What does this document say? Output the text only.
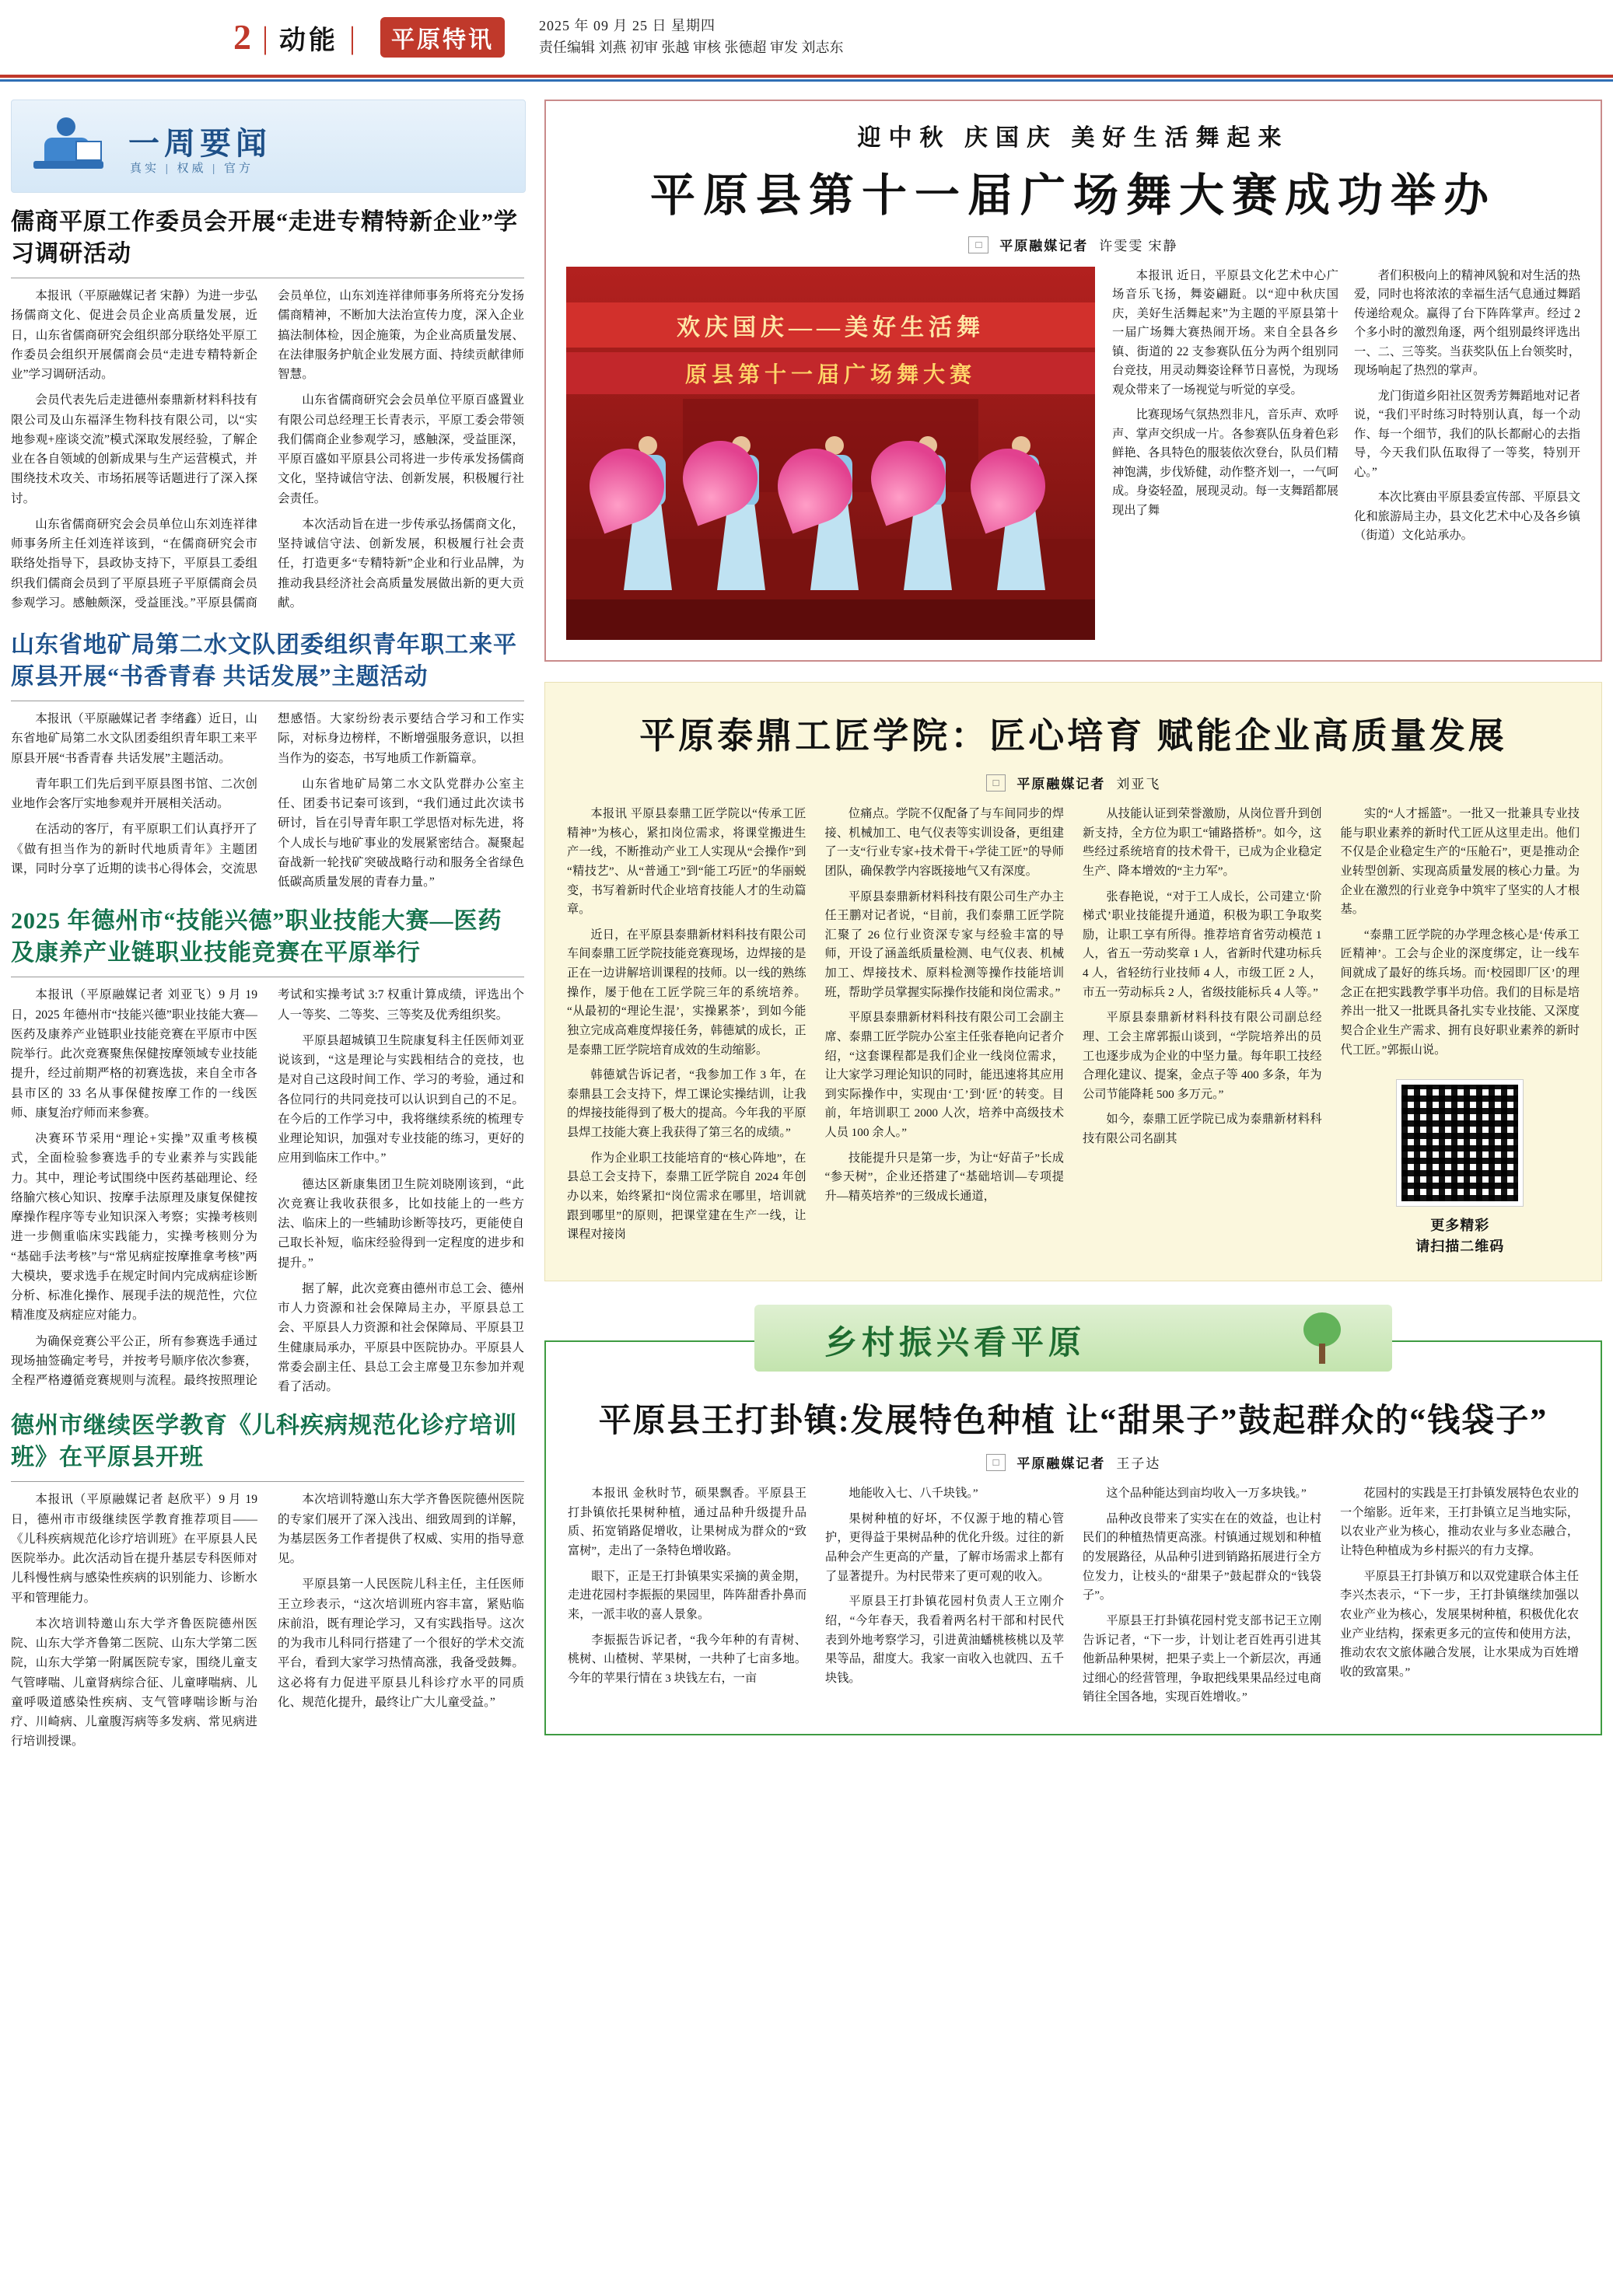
2 | 动能 |	平原特讯
2025 年 09 月 25 日 星期四
责任编辑 刘燕 初审 张越 审核 张德超 审发 刘志东
一周要闻
真实 | 权威 | 官方
儒商平原工作委员会开展“走进专精特新企业”学习调研活动

本报讯（平原融媒记者 宋静）为进一步弘扬儒商文化、促进会员企业高质量发展，近日，山东省儒商研究会组织部分联络处平原工作委员会组织开展儒商会员“走进专精特新企业”学习调研活动。

会员代表先后走进德州泰鼎新材料科技有限公司及山东福泽生物科技有限公司，以“实地参观+座谈交流”模式深取发展经验，了解企业在各自领域的创新成果与生产运营模式，并围绕技术攻关、市场拓展等话题进行了深入探讨。

山东省儒商研究会会员单位山东刘连祥律师事务所主任刘连祥该到，“在儒商研究会市联络处指导下，县政协支持下，平原县工委组织我们儒商会员到了平原县班子平原儒商会员参观学习。感触颇深，受益匪浅。”平原县儒商会员单位，山东刘连祥律师事务所将充分发扬儒商精神，不断加大法治宣传力度，深入企业搞法制体检，因企施策，为企业高质量发展、在法律服务护航企业发展方面、持续贡献律师智慧。

山东省儒商研究会会员单位平原百盛置业有限公司总经理王长青表示，平原工委会带领我们儒商企业参观学习，感触深，受益匪深，平原百盛如平原县公司将进一步传承发扬儒商文化，坚持诚信守法、创新发展，积极履行社会责任。

本次活动旨在进一步传承弘扬儒商文化，坚持诚信守法、创新发展，积极履行社会责任，打造更多“专精特新”企业和行业品牌，为推动我县经济社会高质量发展做出新的更大贡献。

山东省地矿局第二水文队团委组织青年职工来平原县开展“书香青春 共话发展”主题活动

本报讯（平原融媒记者 李绪鑫）近日，山东省地矿局第二水文队团委组织青年职工来平原县开展“书香青春 共话发展”主题活动。

青年职工们先后到平原县图书馆、二次创业地作会客厅实地参观并开展相关活动。

在活动的客厅，有平原职工们认真抒开了《做有担当作为的新时代地质青年》主题团课，同时分享了近期的读书心得体会，交流思想感悟。大家纷纷表示要结合学习和工作实际，对标身边榜样，不断增强服务意识，以担当作为的姿态，书写地质工作新篇章。

山东省地矿局第二水文队党群办公室主任、团委书记秦可该到，“我们通过此次读书研讨，旨在引导青年职工学思悟对标先进，将个人成长与地矿事业的发展紧密结合。凝聚起奋战新一轮找矿突破战略行动和服务全省绿色低碳高质量发展的青春力量。”

2025 年德州市“技能兴德”职业技能大赛—医药及康养产业链职业技能竞赛在平原举行

本报讯（平原融媒记者 刘亚飞）9 月 19 日，2025 年德州市“技能兴德”职业技能大赛—医药及康养产业链职业技能竞赛在平原市中医院举行。此次竞赛聚焦保健按摩领域专业技能提升，经过前期严格的初赛选拔，来自全市各县市区的 33 名从事保健按摩工作的一线医师、康复治疗师而来参赛。

决赛环节采用“理论+实操”双重考核模式，全面检验参赛选手的专业素养与实践能力。其中，理论考试围绕中医药基础理论、经络腧穴核心知识、按摩手法原理及康复保健按摩操作程序等专业知识深入考察；实操考核则进一步侧重临床实践能力，实操考核则分为“基础手法考核”与“常见病症按摩推拿考核”两大模块，要求选手在规定时间内完成病症诊断分析、标准化操作、展现手法的规范性，穴位精准度及病症应对能力。

为确保竞赛公平公正，所有参赛选手通过现场抽签确定考号，并按考号顺序依次参赛，全程严格遵循竞赛规则与流程。最终按照理论考试和实操考试 3:7 权重计算成绩，评选出个人一等奖、二等奖、三等奖及优秀组织奖。

平原县超城镇卫生院康复科主任医师刘亚说该到，“这是理论与实践相结合的竞技，也是对自己这段时间工作、学习的考验，通过和各位同行的共同竞技可以认识到自己的不足。在今后的工作学习中，我将继续系统的梳理专业理论知识，加强对专业技能的练习，更好的应用到临床工作中。”

德达区新康集团卫生院刘晓刚该到，“此次竞赛让我收获很多，比如技能上的一些方法、临床上的一些辅助诊断等技巧，更能使自己取长补短，临床经验得到一定程度的进步和提升。”

据了解，此次竞赛由德州市总工会、德州市人力资源和社会保障局主办，平原县总工会、平原县人力资源和社会保障局、平原县卫生健康局承办，平原县中医院协办。平原县人常委会副主任、县总工会主席曼卫东参加并观看了活动。

德州市继续医学教育《儿科疾病规范化诊疗培训班》在平原县开班

本报讯（平原融媒记者 赵欣平）9 月 19 日，德州市市级继续医学教育推荐项目——《儿科疾病规范化诊疗培训班》在平原县人民医院举办。此次活动旨在提升基层专科医师对儿科慢性病与感染性疾病的识别能力、诊断水平和管理能力。

本次培训特邀山东大学齐鲁医院德州医院、山东大学齐鲁第二医院、山东大学第二医院，山东大学第一附属医院专家，围绕儿童支气管哮喘、儿童肾病综合征、儿童哮喘病、儿童呼吸道感染性疾病、支气管哮喘诊断与治疗、川崎病、儿童腹泻病等多发病、常见病进行培训授课。

本次培训特邀山东大学齐鲁医院德州医院的专家们展开了深入浅出、细致周到的详解，为基层医务工作者提供了权威、实用的指导意见。

平原县第一人民医院儿科主任，主任医师王立珍表示，“这次培训班内容丰富，紧贴临床前沿，既有理论学习，又有实践指导。这次的为我市儿科同行搭建了一个很好的学术交流平台，看到大家学习热情高涨，我备受鼓舞。这必将有力促进平原县儿科诊疗水平的同质化、规范化提升，最终让广大儿童受益。”

迎中秋 庆国庆 美好生活舞起来
平原县第十一届广场舞大赛成功举办
□	平原融媒记者 许雯雯 宋静
欢庆国庆——美好生活舞
原县第十一届广场舞大赛

本报讯 近日，平原县文化艺术中心广场音乐飞扬，舞姿翩跹。以“迎中秋庆国庆，美好生活舞起来”为主题的平原县第十一届广场舞大赛热闹开场。来自全县各乡镇、街道的 22 支参赛队伍分为两个组别同台竞技，用灵动舞姿诠释节日喜悦，为现场观众带来了一场视觉与听觉的享受。

比赛现场气氛热烈非凡，音乐声、欢呼声、掌声交织成一片。各参赛队伍身着色彩鲜艳、各具特色的服装依次登台，队员们精神饱满，步伐矫健，动作整齐划一，一气呵成。身姿轻盈，展现灵动。每一支舞蹈都展现出了舞

者们积极向上的精神风貌和对生活的热爱，同时也将浓浓的幸福生活气息通过舞蹈传递给观众。赢得了台下阵阵掌声。经过 2 个多小时的激烈角逐，两个组别最终评选出一、二、三等奖。当获奖队伍上台领奖时，现场响起了热烈的掌声。

龙门街道乡阳社区贺秀芳舞蹈地对记者说，“我们平时练习时特别认真，每一个动作、每一个细节，我们的队长都耐心的去指导，今天我们队伍取得了一等奖，特别开心。”

本次比赛由平原县委宣传部、平原县文化和旅游局主办，县文化艺术中心及各乡镇（街道）文化站承办。

平原泰鼎工匠学院：匠心培育 赋能企业高质量发展
□	平原融媒记者 刘亚飞

本报讯 平原县泰鼎工匠学院以“传承工匠精神”为核心，紧扣岗位需求，将课堂搬进生产一线，不断推动产业工人实现从“会操作”到“精技艺”、从“普通工”到“能工巧匠”的华丽蜕变，书写着新时代企业培育技能人才的生动篇章。

近日，在平原县泰鼎新材料科技有限公司车间泰鼎工匠学院技能竞赛现场，边焊接的是正在一边讲解培训课程的技师。以一线的熟练操作，屡于他在工匠学院三年的系统培养。“从最初的“理论生混’，实操累茶’，到如今能独立完成高难度焊接任务，韩德斌的成长，正是泰鼎工匠学院培育成效的生动缩影。

韩德斌告诉记者，“我参加工作 3 年，在泰鼎县工会支持下，焊工课论实操结训，让我的焊接技能得到了极大的提高。今年我的平原县焊工技能大赛上我获得了第三名的成绩。”

作为企业职工技能培育的“核心阵地”，在县总工会支持下，泰鼎工匠学院自 2024 年创办以来，始终紧扣“岗位需求在哪里，培训就跟到哪里”的原则，把课堂建在生产一线，让课程对接岗

位痛点。学院不仅配备了与车间同步的焊接、机械加工、电气仪表等实训设备，更组建了一支“行业专家+技术骨干+学徒工匠”的导师团队，确保教学内容既接地气又有深度。

平原县泰鼎新材料科技有限公司生产办主任王鹏对记者说，“目前，我们泰鼎工匠学院汇聚了 26 位行业资深专家与经验丰富的导师，开设了涵盖纸质量检测、电气仪表、机械加工、焊接技术、原料检测等操作技能培训班，帮助学员掌握实际操作技能和岗位需求。”

平原县泰鼎新材料科技有限公司工会副主席、泰鼎工匠学院办公室主任张春艳向记者介绍，“这套课程都是我们企业一线岗位需求，让大家学习理论知识的同时，能迅速将其应用到实际操作中，实现由‘工’到‘匠’的转变。目前，年培训职工 2000 人次，培养中高级技术人员 100 余人。”

技能提升只是第一步，为让“好苗子”长成“参天树”，企业还搭建了“基础培训—专项提升—精英培养”的三级成长通道，

从技能认证到荣誉激励，从岗位晋升到创新支持，全方位为职工“铺路搭桥”。如今，这些经过系统培育的技术骨干，已成为企业稳定生产、降本增效的“主力军”。

张春艳说，“对于工人成长，公司建立‘阶梯式’职业技能提升通道，积极为职工争取奖励，让职工享有所得。推荐培育省劳动模范 1 人，省五一劳动奖章 1 人，省新时代建功标兵 4 人，省轻纺行业技师 4 人，市级工匠 2 人，市五一劳动标兵 2 人，省级技能标兵 4 人等。”

平原县泰鼎新材料科技有限公司副总经理、工会主席郭振山谈到，“学院培养出的员工也逐步成为企业的中坚力量。每年职工技经合理化建议、提案，金点子等 400 多条，年为公司节能降耗 500 多万元。”

如今，泰鼎工匠学院已成为泰鼎新材料科技有限公司名副其

实的“人才摇篮”。一批又一批兼具专业技能与职业素养的新时代工匠从这里走出。他们不仅是企业稳定生产的“压舱石”，更是推动企业转型创新、实现高质量发展的核心力量。为企业在激烈的行业竞争中筑牢了坚实的人才根基。

“泰鼎工匠学院的办学理念核心是‘传承工匠精神’。工会与企业的深度绑定，让一线车间就成了最好的练兵场。而‘校园即厂区’的理念正在把实践教学事半功倍。我们的目标是培养出一批又一批既具备扎实专业技能、又深度契合企业生产需求、拥有良好职业素养的新时代工匠。”郭振山说。

更多精彩
请扫描二维码
乡村振兴看平原
平原县王打卦镇:发展特色种植 让“甜果子”鼓起群众的“钱袋子”
□	平原融媒记者 王子达

本报讯 金秋时节，硕果飘香。平原县王打卦镇依托果树种植，通过品种升级提升品质、拓宽销路促增收，让果树成为群众的“致富树”，走出了一条特色增收路。

眼下，正是王打卦镇果实采摘的黄金期，走进花园村李振振的果园里，阵阵甜香扑鼻而来，一派丰收的喜人景象。

李振振告诉记者，“我今年种的有青树、桃树、山楂树、苹果树，一共种了七亩多地。今年的苹果行情在 3 块钱左右，一亩

地能收入七、八千块钱。”

果树种植的好坏，不仅源于地的精心管护，更得益于果树品种的优化升级。过往的新品种会产生更高的产量，了解市场需求上都有了显著提升。为村民带来了更可观的收入。

平原县王打卦镇花园村负责人王立刚介绍，“今年春天，我看着两名村干部和村民代表到外地考察学习，引进黄油蟠桃核桃以及苹果等品，甜度大。我家一亩收入也就四、五千块钱。

这个品种能达到亩均收入一万多块钱。”

品种改良带来了实实在在的效益，也让村民们的种植热情更高涨。村镇通过规划和种植的发展路径，从品种引进到销路拓展进行全方位发力，让枝头的“甜果子”鼓起群众的“钱袋子”。

平原县王打卦镇花园村党支部书记王立刚告诉记者，“下一步，计划让老百姓再引进其他新品种果树，把果子卖上一个新层次，再通过细心的经营管理，争取把线果果品经过电商销往全国各地，实现百姓增收。”

花园村的实践是王打卦镇发展特色农业的一个缩影。近年来，王打卦镇立足当地实际，以农业产业为核心，推动农业与多业态融合，让特色种植成为乡村振兴的有力支撑。

平原县王打卦镇万和以双党建联合体主任李兴杰表示，“下一步，王打卦镇继续加强以农业产业为核心，发展果树种植，积极优化农业产业结构，探索更多元的宣传和使用方法，推动农农文旅体融合发展，让水果成为百姓增收的致富果。”
